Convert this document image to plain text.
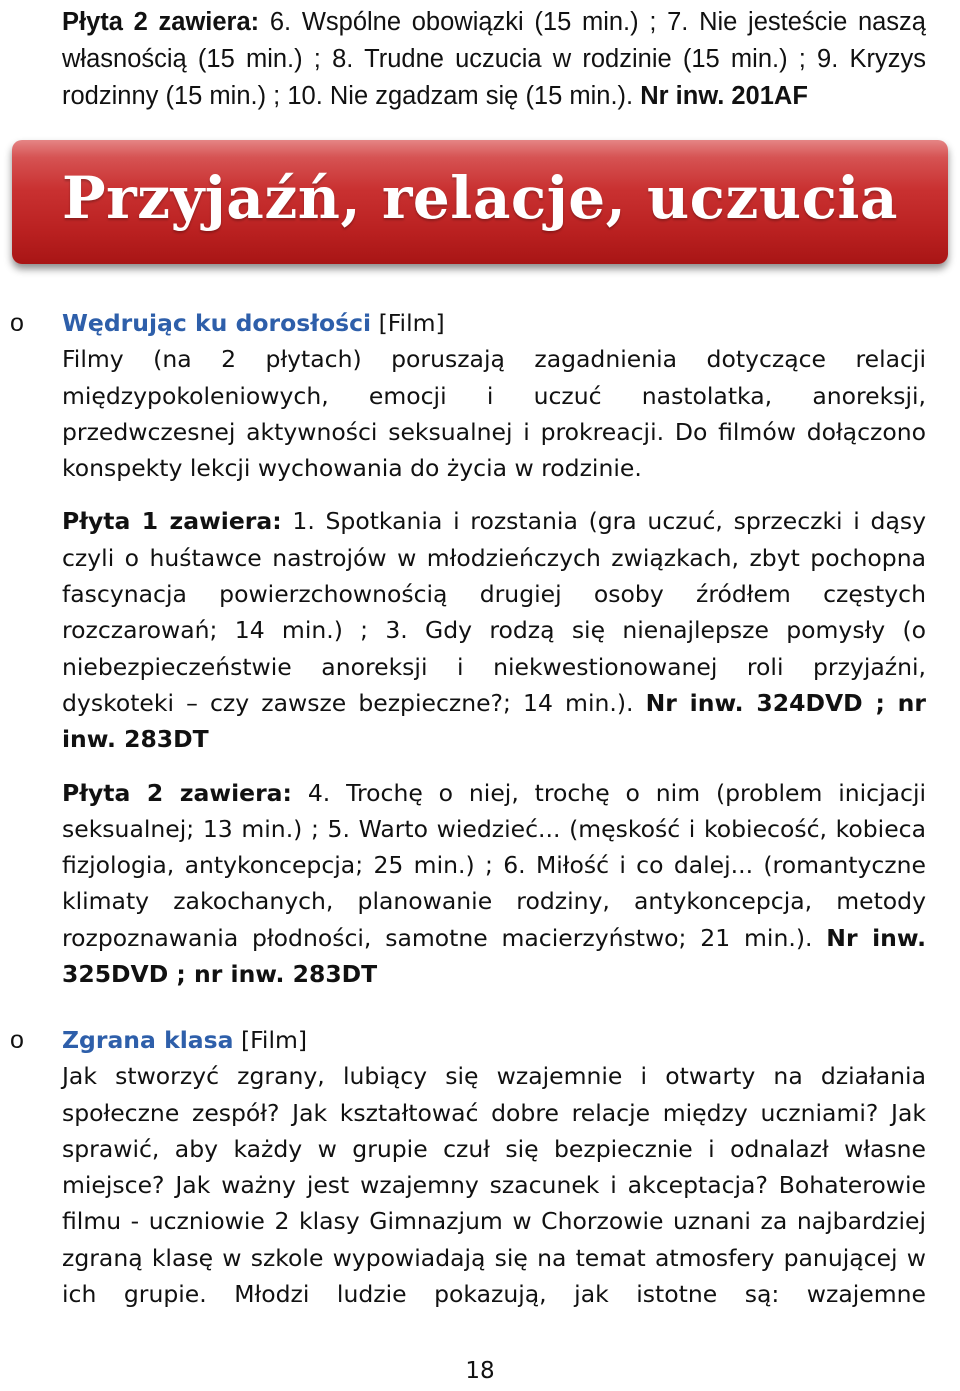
Płyta 2 zawiera: 6. Wspólne obowiązki (15 min.) ; 7. Nie jesteście naszą własnością (15 min.) ; 8. Trudne uczucia w rodzinie (15 min.) ; 9. Kryzys rodzinny (15 min.) ; 10. Nie zgadzam się (15 min.). Nr inw. 201AF

Przyjaźń, relacje, uczucia
o Wędrując ku dorosłości [Film]

Filmy (na 2 płytach) poruszają zagadnienia dotyczące relacji międzypokoleniowych, emocji i uczuć nastolatka, anoreksji, przedwczesnej aktywności seksualnej i prokreacji. Do filmów dołączono konspekty lekcji wychowania do życia w rodzinie.

Płyta 1 zawiera: 1. Spotkania i rozstania (gra uczuć, sprzeczki i dąsy czyli o huśtawce nastrojów w młodzieńczych związkach, zbyt pochopna fascynacja powierzchownością drugiej osoby źródłem częstych rozczarowań; 14 min.) ; 3. Gdy rodzą się nienajlepsze pomysły (o niebezpieczeństwie anoreksji i niekwestionowanej roli przyjaźni, dyskoteki – czy zawsze bezpieczne?; 14 min.). Nr inw. 324DVD ; nr inw. 283DT

Płyta 2 zawiera: 4. Trochę o niej, trochę o nim (problem inicjacji seksualnej; 13 min.) ; 5. Warto wiedzieć... (męskość i kobiecość, kobieca fizjologia, antykoncepcja; 25 min.) ; 6. Miłość i co dalej... (romantyczne klimaty zakochanych, planowanie rodziny, antykoncepcja, metody rozpoznawania płodności, samotne macierzyństwo; 21 min.). Nr inw. 325DVD ; nr inw. 283DT

o Zgrana klasa [Film]

Jak stworzyć zgrany, lubiący się wzajemnie i otwarty na działania społeczne zespół? Jak kształtować dobre relacje między uczniami? Jak sprawić, aby każdy w grupie czuł się bezpiecznie i odnalazł własne miejsce? Jak ważny jest wzajemny szacunek i akceptacja? Bohaterowie filmu - uczniowie 2 klasy Gimnazjum w Chorzowie uznani za najbardziej zgraną klasę w szkole wypowiadają się na temat atmosfery panującej w ich grupie. Młodzi ludzie pokazują, jak istotne są: wzajemne

18
